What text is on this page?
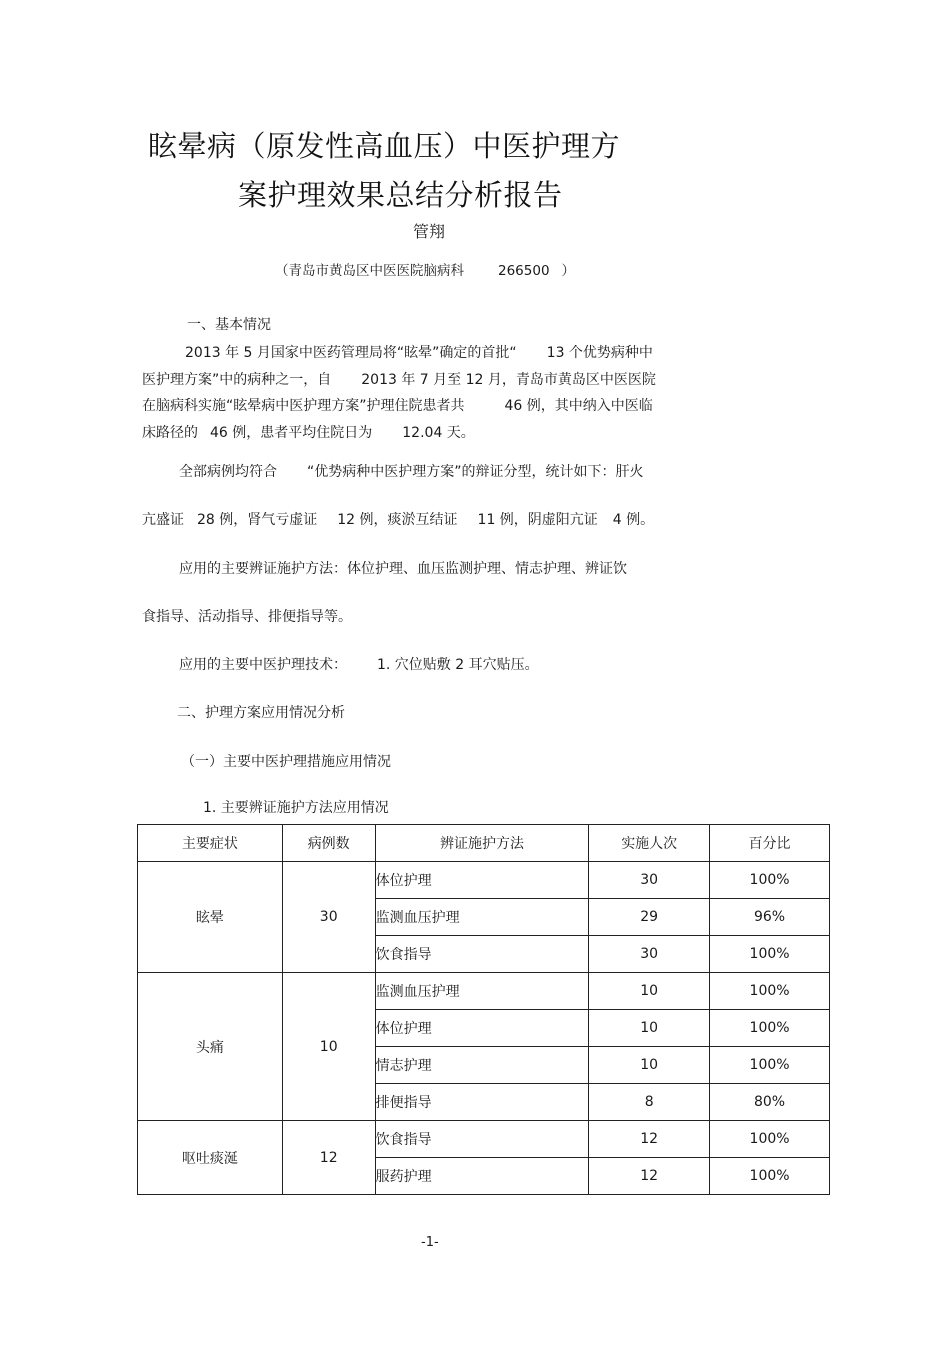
眩晕病（原发性高血压）中医护理方
案护理效果总结分析报告
管翔
（青岛市黄岛区中医医院脑病科	266500 ）
一、基本情况
2013 年 5 月国家中医药管理局将“眩晕”确定的首批“ 13 个优势病种中
医护理方案”中的病种之一，自 2013 年 7 月至 12 月，青岛市黄岛区中医医院
在脑病科实施“眩晕病中医护理方案”护理住院患者共	46 例，其中纳入中医临
床路径的 46 例，患者平均住院日为 12.04 天。
全部病例均符合 “优势病种中医护理方案”的辩证分型，统计如下：肝火
亢盛证 28 例，肾气亏虚证 12 例，痰淤互结证 11 例，阴虚阳亢证 4 例。
应用的主要辨证施护方法：体位护理、血压监测护理、情志护理、辨证饮
食指导、活动指导、排便指导等。
应用的主要中医护理技术： 1. 穴位贴敷 2 耳穴贴压。
二、护理方案应用情况分析
（一）主要中医护理措施应用情况
1. 主要辨证施护方法应用情况
主要症状	病例数	辨证施护方法	实施人次	百分比
眩晕	30	体位护理	30	100%
		监测血压护理	29	96%
		饮食指导	30	100%
头痛	10	监测血压护理	10	100%
		体位护理	10	100%
		情志护理	10	100%
		排便指导	8	80%
呕吐痰涎	12	饮食指导	12	100%
		服药护理	12	100%
-1-
